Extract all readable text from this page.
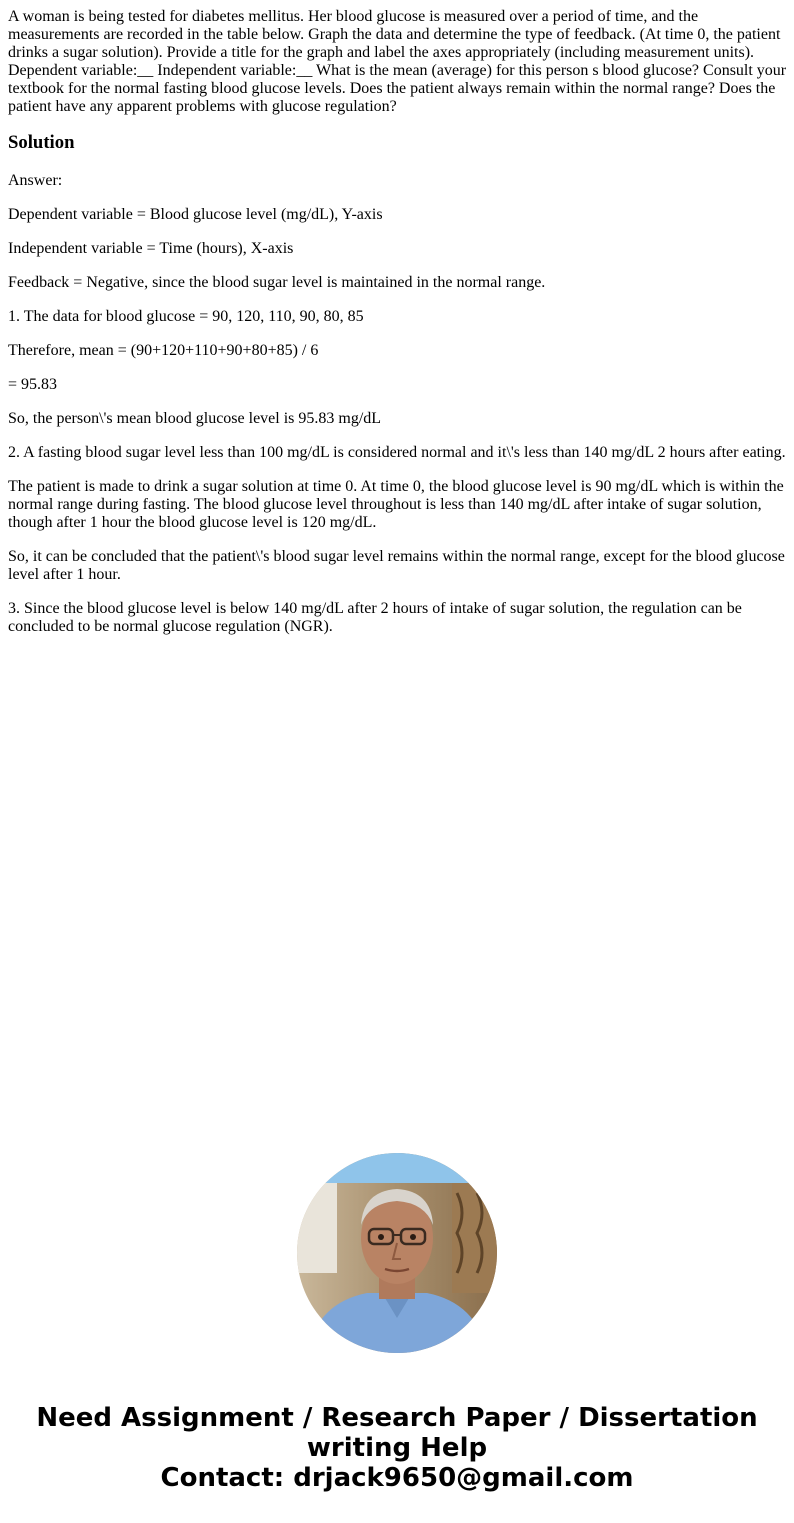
A woman is being tested for diabetes mellitus. Her blood glucose is measured over a period of time, and the measurements are recorded in the table below. Graph the data and determine the type of feedback. (At time 0, the patient drinks a sugar solution). Provide a title for the graph and label the axes appropriately (including measurement units). Dependent variable:__ Independent variable:__ What is the mean (average) for this person s blood glucose? Consult your textbook for the normal fasting blood glucose levels. Does the patient always remain within the normal range? Does the patient have any apparent problems with glucose regulation?

Solution

Answer:

Dependent variable = Blood glucose level (mg/dL), Y-axis

Independent variable = Time (hours), X-axis

Feedback = Negative, since the blood sugar level is maintained in the normal range.

1. The data for blood glucose = 90, 120, 110, 90, 80, 85

Therefore, mean = (90+120+110+90+80+85) / 6

= 95.83

So, the person\'s mean blood glucose level is 95.83 mg/dL

2. A fasting blood sugar level less than 100 mg/dL is considered normal and it\'s less than 140 mg/dL 2 hours after eating.

The patient is made to drink a sugar solution at time 0. At time 0, the blood glucose level is 90 mg/dL which is within the normal range during fasting. The blood glucose level throughout is less than 140 mg/dL after intake of sugar solution, though after 1 hour the blood glucose level is 120 mg/dL.

So, it can be concluded that the patient\'s blood sugar level remains within the normal range, except for the blood glucose level after 1 hour.

3. Since the blood glucose level is below 140 mg/dL after 2 hours of intake of sugar solution, the regulation can be concluded to be normal glucose regulation (NGR).

Need Assignment / Research Paper / Dissertation
writing Help
Contact: drjack9650@gmail.com
